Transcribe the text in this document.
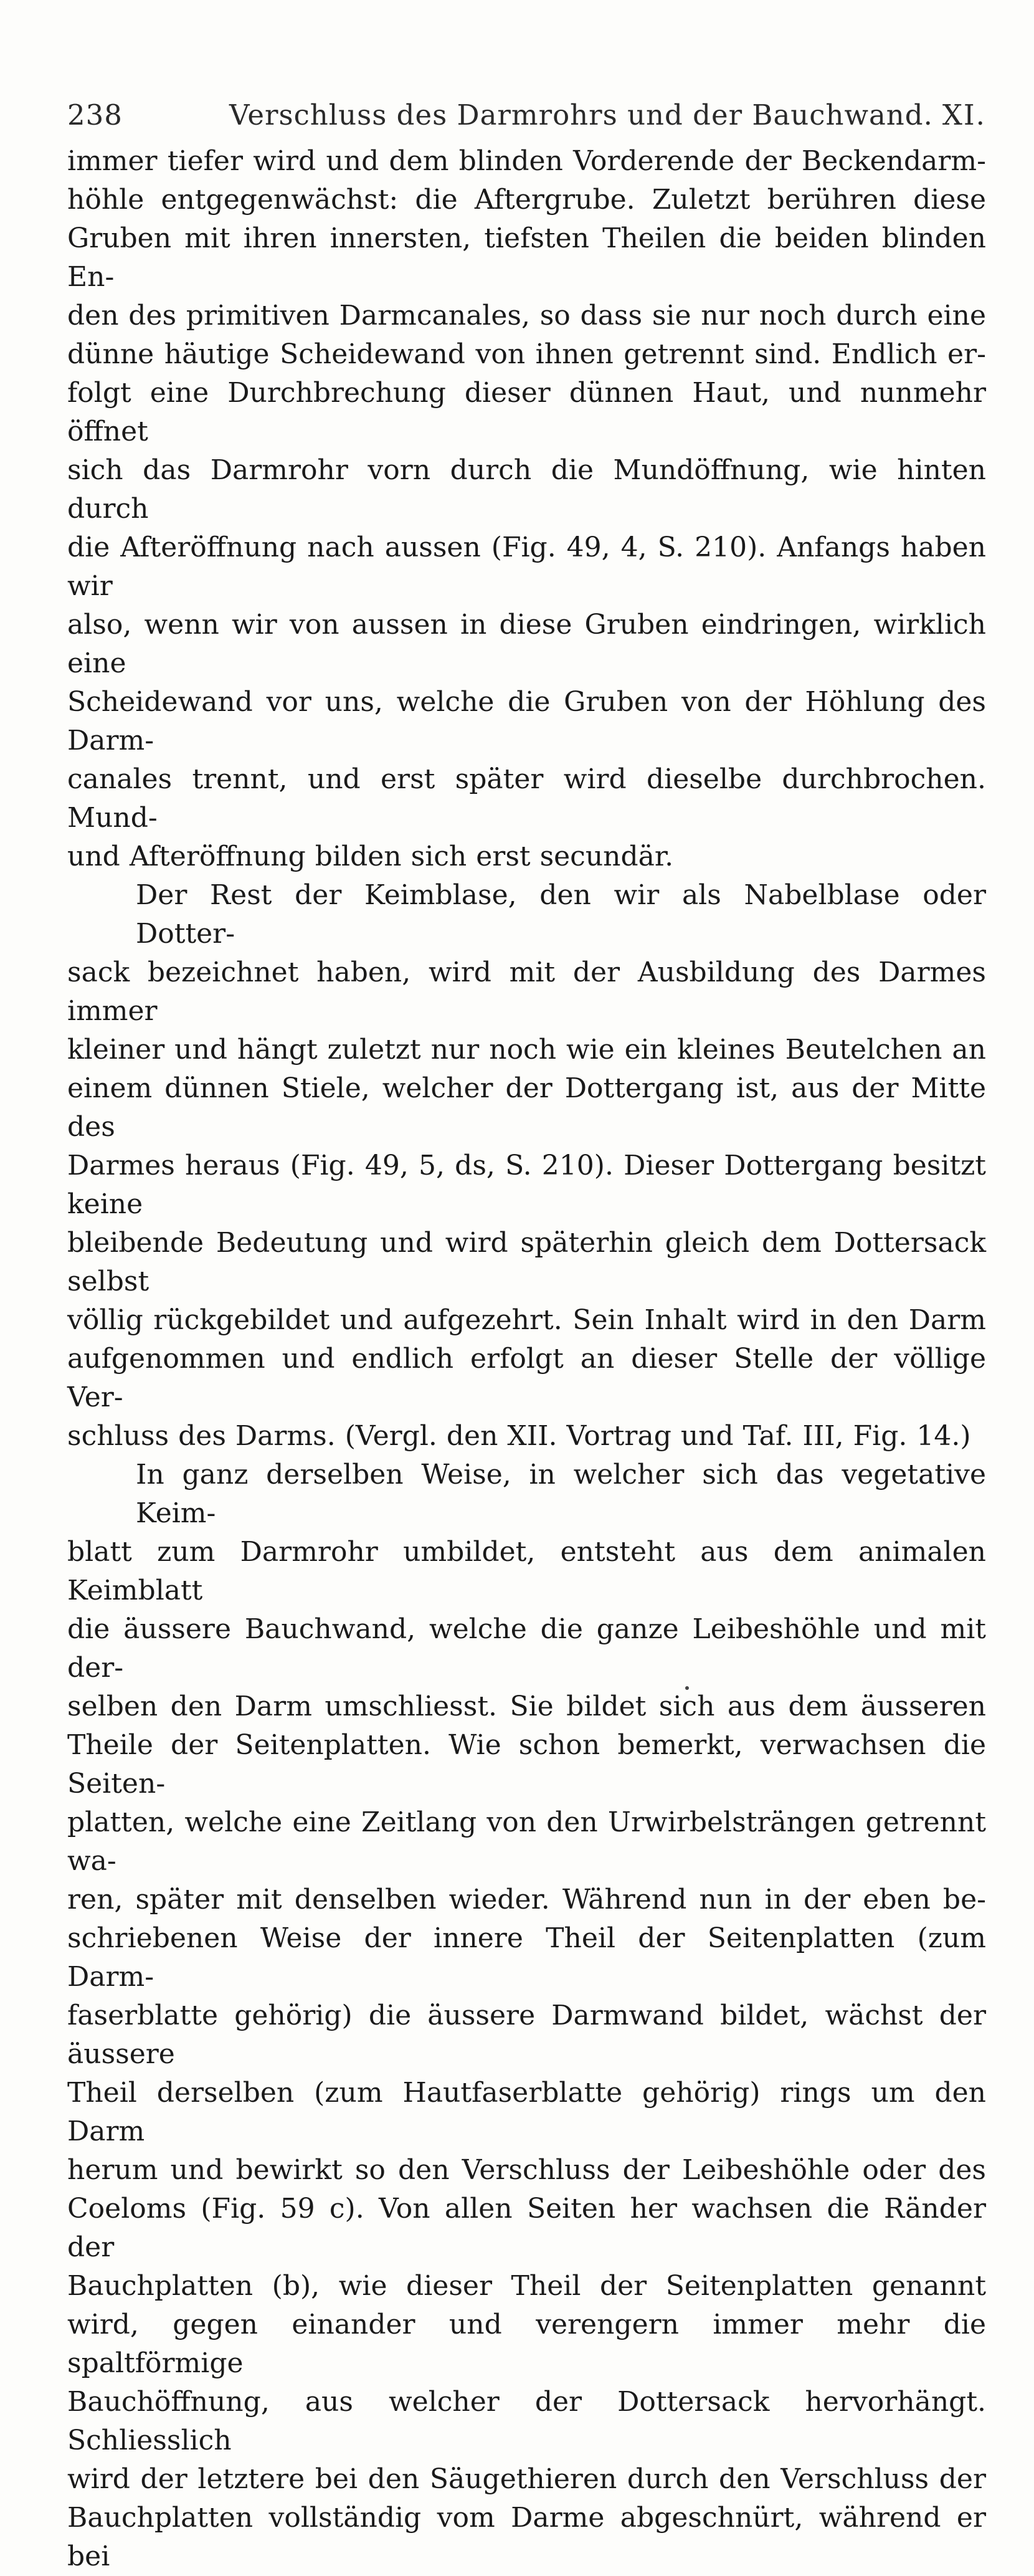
238	Verschluss des Darmrohrs und der Bauchwand. XI.

immer tiefer wird und dem blinden Vorderende der Beckendarm-
höhle entgegenwächst: die Aftergrube. Zuletzt berühren diese
Gruben mit ihren innersten, tiefsten Theilen die beiden blinden En-
den des primitiven Darmcanales, so dass sie nur noch durch eine
dünne häutige Scheidewand von ihnen getrennt sind. Endlich er-
folgt eine Durchbrechung dieser dünnen Haut, und nunmehr öffnet
sich das Darmrohr vorn durch die Mundöffnung, wie hinten durch
die Afteröffnung nach aussen (Fig. 49, 4, S. 210). Anfangs haben wir
also, wenn wir von aussen in diese Gruben eindringen, wirklich eine
Scheidewand vor uns, welche die Gruben von der Höhlung des Darm-
canales trennt, und erst später wird dieselbe durchbrochen. Mund-
und Afteröffnung bilden sich erst secundär.

Der Rest der Keimblase, den wir als Nabelblase oder Dotter-
sack bezeichnet haben, wird mit der Ausbildung des Darmes immer
kleiner und hängt zuletzt nur noch wie ein kleines Beutelchen an
einem dünnen Stiele, welcher der Dottergang ist, aus der Mitte des
Darmes heraus (Fig. 49, 5, ds, S. 210). Dieser Dottergang besitzt keine
bleibende Bedeutung und wird späterhin gleich dem Dottersack selbst
völlig rückgebildet und aufgezehrt. Sein Inhalt wird in den Darm
aufgenommen und endlich erfolgt an dieser Stelle der völlige Ver-
schluss des Darms. (Vergl. den XII. Vortrag und Taf. III, Fig. 14.)

In ganz derselben Weise, in welcher sich das vegetative Keim-
blatt zum Darmrohr umbildet, entsteht aus dem animalen Keimblatt
die äussere Bauchwand, welche die ganze Leibeshöhle und mit der-
selben den Darm umschliesst. Sie bildet sich aus dem äusseren
Theile der Seitenplatten. Wie schon bemerkt, verwachsen die Seiten-
platten, welche eine Zeitlang von den Urwirbelsträngen getrennt wa-
ren, später mit denselben wieder. Während nun in der eben be-
schriebenen Weise der innere Theil der Seitenplatten (zum Darm-
faserblatte gehörig) die äussere Darmwand bildet, wächst der äussere
Theil derselben (zum Hautfaserblatte gehörig) rings um den Darm
herum und bewirkt so den Verschluss der Leibeshöhle oder des
Coeloms (Fig. 59 c). Von allen Seiten her wachsen die Ränder der
Bauchplatten (b), wie dieser Theil der Seitenplatten genannt
wird, gegen einander und verengern immer mehr die spaltförmige
Bauchöffnung, aus welcher der Dottersack hervorhängt. Schliesslich
wird der letztere bei den Säugethieren durch den Verschluss der
Bauchplatten vollständig vom Darme abgeschnürt, während er bei
